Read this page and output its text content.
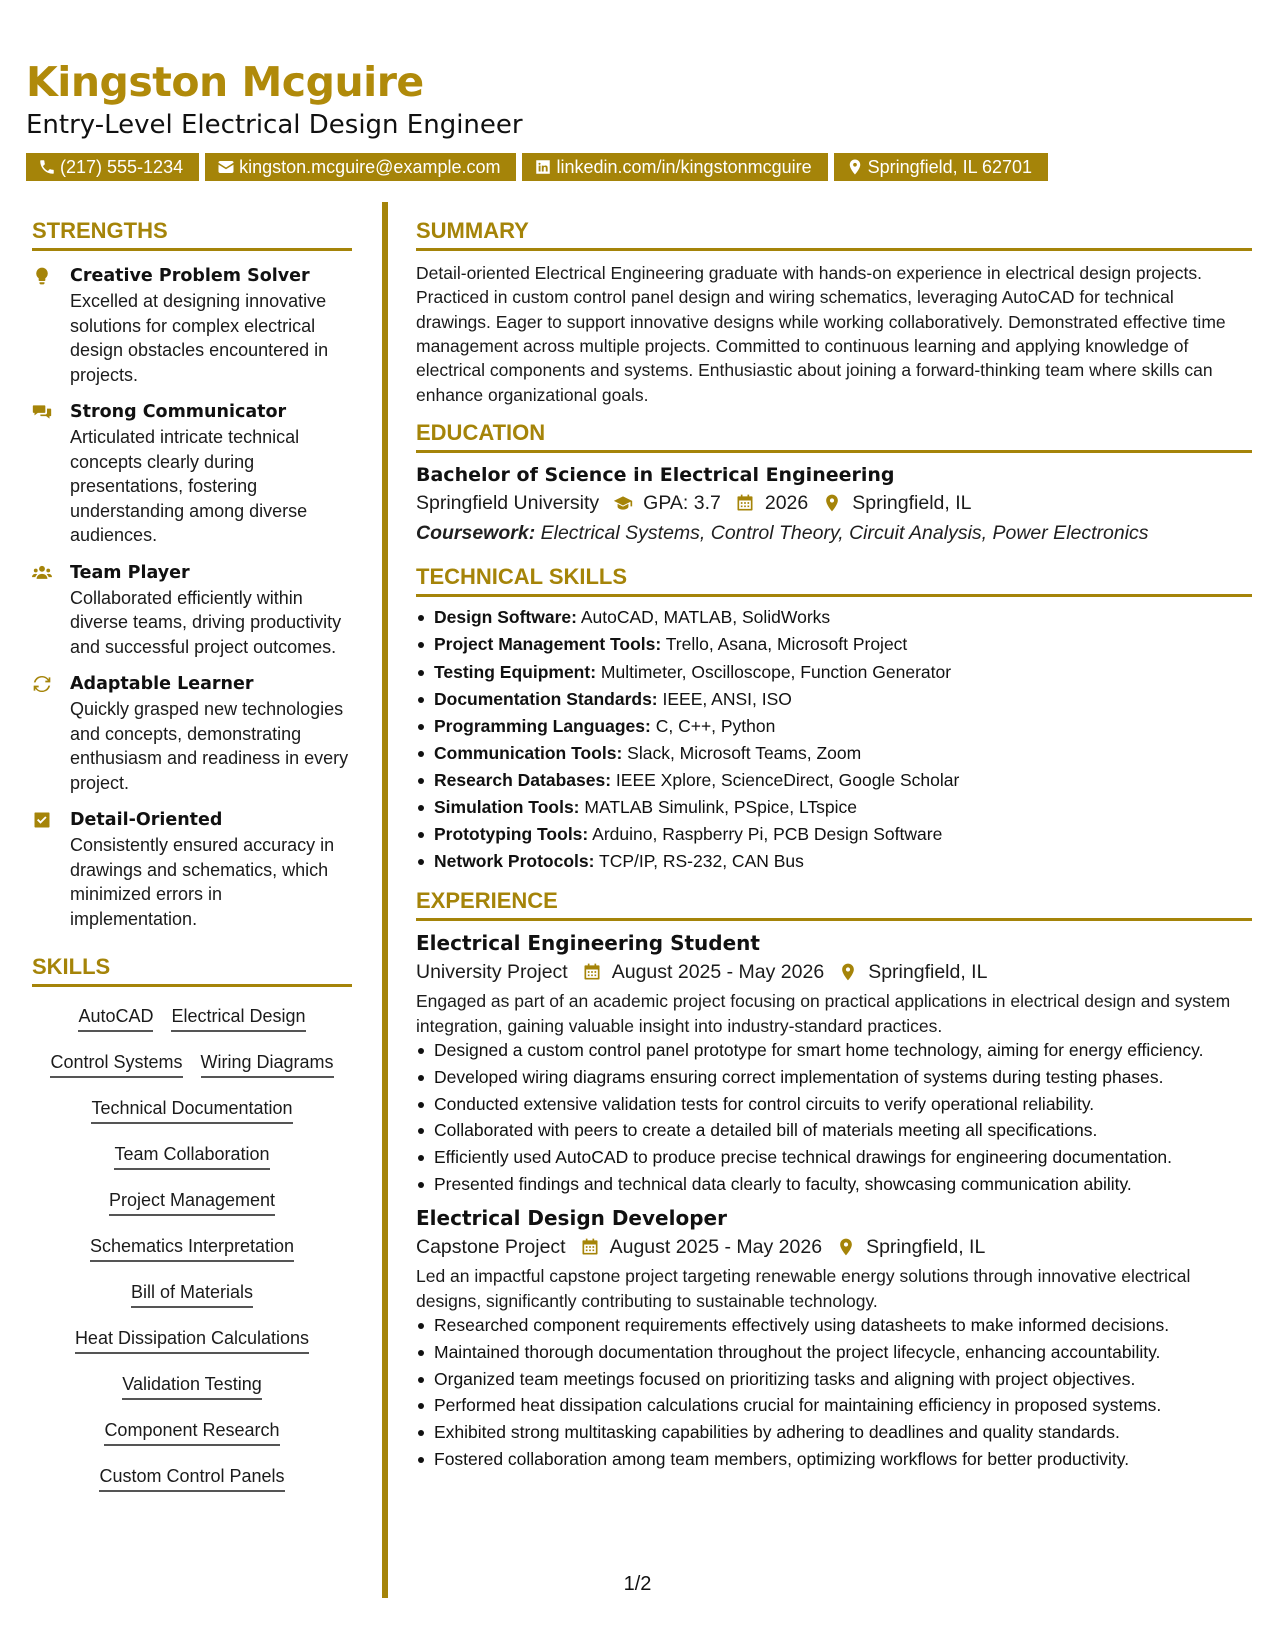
Kingston Mcguire
Entry-Level Electrical Design Engineer
(217) 555-1234	kingston.mcguire@example.com	linkedin.com/in/kingstonmcguire	Springfield, IL 62701
STRENGTHS
Creative Problem Solver
Excelled at designing innovative solutions for complex electrical design obstacles encountered in projects.
Strong Communicator
Articulated intricate technical concepts clearly during presentations, fostering understanding among diverse audiences.
Team Player
Collaborated efficiently within diverse teams, driving productivity and successful project outcomes.
Adaptable Learner
Quickly grasped new technologies and concepts, demonstrating enthusiasm and readiness in every project.
Detail-Oriented
Consistently ensured accuracy in drawings and schematics, which minimized errors in implementation.
SKILLS
AutoCAD Electrical Design
Control Systems Wiring Diagrams
Technical Documentation
Team Collaboration
Project Management
Schematics Interpretation
Bill of Materials
Heat Dissipation Calculations
Validation Testing
Component Research
Custom Control Panels
SUMMARY
Detail-oriented Electrical Engineering graduate with hands-on experience in electrical design projects. Practiced in custom control panel design and wiring schematics, leveraging AutoCAD for technical drawings. Eager to support innovative designs while working collaboratively. Demonstrated effective time management across multiple projects. Committed to continuous learning and applying knowledge of electrical components and systems. Enthusiastic about joining a forward-thinking team where skills can enhance organizational goals.
EDUCATION
Bachelor of Science in Electrical Engineering
Springfield University GPA: 3.7 2026 Springfield, IL
Coursework: Electrical Systems, Control Theory, Circuit Analysis, Power Electronics
TECHNICAL SKILLS
Design Software: AutoCAD, MATLAB, SolidWorks
Project Management Tools: Trello, Asana, Microsoft Project
Testing Equipment: Multimeter, Oscilloscope, Function Generator
Documentation Standards: IEEE, ANSI, ISO
Programming Languages: C, C++, Python
Communication Tools: Slack, Microsoft Teams, Zoom
Research Databases: IEEE Xplore, ScienceDirect, Google Scholar
Simulation Tools: MATLAB Simulink, PSpice, LTspice
Prototyping Tools: Arduino, Raspberry Pi, PCB Design Software
Network Protocols: TCP/IP, RS-232, CAN Bus
EXPERIENCE
Electrical Engineering Student
University Project August 2025 - May 2026 Springfield, IL
Engaged as part of an academic project focusing on practical applications in electrical design and system integration, gaining valuable insight into industry-standard practices.
Designed a custom control panel prototype for smart home technology, aiming for energy efficiency.
Developed wiring diagrams ensuring correct implementation of systems during testing phases.
Conducted extensive validation tests for control circuits to verify operational reliability.
Collaborated with peers to create a detailed bill of materials meeting all specifications.
Efficiently used AutoCAD to produce precise technical drawings for engineering documentation.
Presented findings and technical data clearly to faculty, showcasing communication ability.
Electrical Design Developer
Capstone Project August 2025 - May 2026 Springfield, IL
Led an impactful capstone project targeting renewable energy solutions through innovative electrical designs, significantly contributing to sustainable technology.
Researched component requirements effectively using datasheets to make informed decisions.
Maintained thorough documentation throughout the project lifecycle, enhancing accountability.
Organized team meetings focused on prioritizing tasks and aligning with project objectives.
Performed heat dissipation calculations crucial for maintaining efficiency in proposed systems.
Exhibited strong multitasking capabilities by adhering to deadlines and quality standards.
Fostered collaboration among team members, optimizing workflows for better productivity.
1/2
